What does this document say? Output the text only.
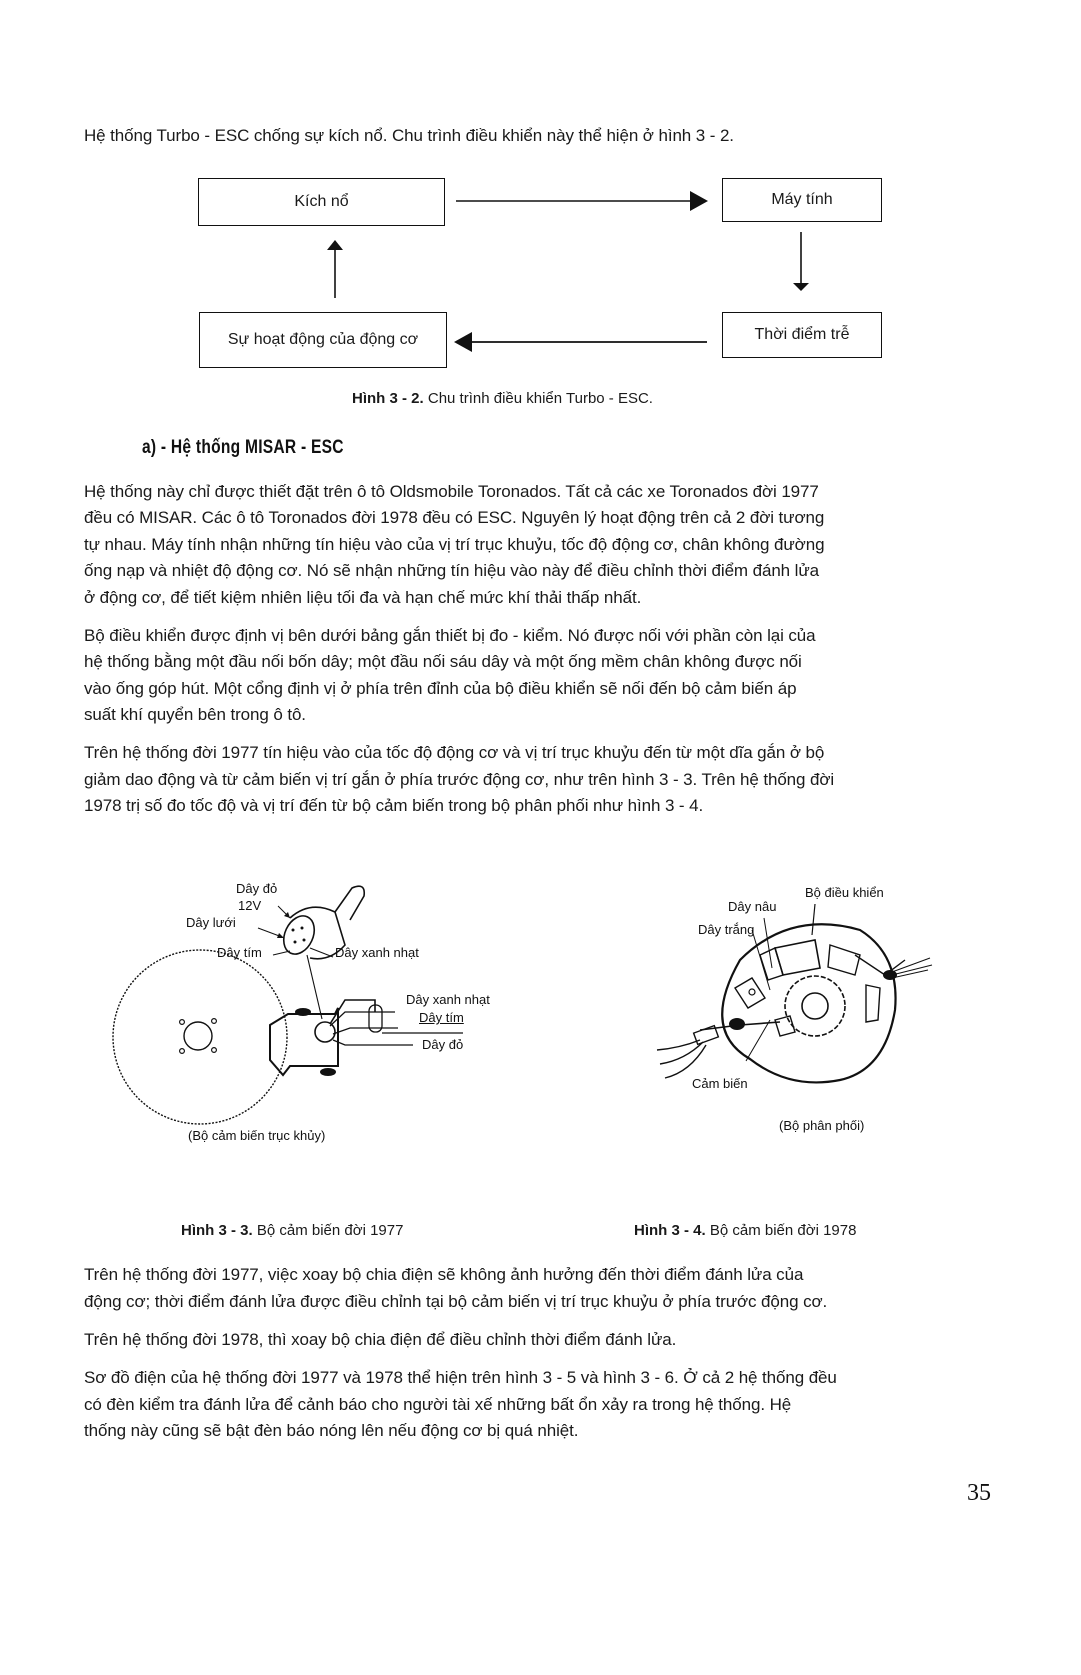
Hệ thống Turbo - ESC chống sự kích nổ. Chu trình điều khiển này thể hiện ở hình 3 - 2.
Kích nổ	Máy tính
Thời điểm trễ
Sự hoạt động của động cơ
Hình 3 - 2. Chu trình điều khiển Turbo - ESC.
a) - Hệ thống MISAR - ESC
Hệ thống này chỉ được thiết đặt trên ô tô Oldsmobile Toronados. Tất cả các xe Toronados đời 1977
đều có MISAR. Các ô tô Toronados đời 1978 đều có ESC. Nguyên lý hoạt động trên cả 2 đời tương
tự nhau. Máy tính nhận những tín hiệu vào của vị trí trục khuỷu, tốc độ động cơ, chân không đường
ống nạp và nhiệt độ động cơ. Nó sẽ nhận những tín hiệu vào này để điều chỉnh thời điểm đánh lửa
ở động cơ, để tiết kiệm nhiên liệu tối đa và hạn chế mức khí thải thấp nhất.
Bộ điều khiển được định vị bên dưới bảng gắn thiết bị đo - kiểm. Nó được nối với phần còn lại của
hệ thống bằng một đầu nối bốn dây; một đầu nối sáu dây và một ống mềm chân không được nối
vào ống góp hút. Một cổng định vị ở phía trên đỉnh của bộ điều khiển sẽ nối đến bộ cảm biến áp
suất khí quyển bên trong ô tô.
Trên hệ thống đời 1977 tín hiệu vào của tốc độ động cơ và vị trí trục khuỷu đến từ một dĩa gắn ở bộ
giảm dao động và từ cảm biến vị trí gắn ở phía trước động cơ, như trên hình 3 - 3. Trên hệ thống đời
1978 trị số đo tốc độ và vị trí đến từ bộ cảm biến trong bộ phân phối như hình 3 - 4.
Dây đỏ
12V
Dây lưới
Dây tím	Dây xanh nhạt
Dây xanh nhạt
Dây tím
Dây đỏ
(Bộ cảm biến trục khủy)
Hình 3 - 3. Bộ cảm biến đời 1977
Bộ điều khiển
Dây nâu
Dây trắng
Cảm biến
(Bộ phân phối)
Hình 3 - 4. Bộ cảm biến đời 1978
Trên hệ thống đời 1977, việc xoay bộ chia điện sẽ không ảnh hưởng đến thời điểm đánh lửa của
động cơ; thời điểm đánh lửa được điều chỉnh tại bộ cảm biến vị trí trục khuỷu ở phía trước động cơ.
Trên hệ thống đời 1978, thì xoay bộ chia điện để điều chỉnh thời điểm đánh lửa.
Sơ đồ điện của hệ thống đời 1977 và 1978 thể hiện trên hình 3 - 5 và hình 3 - 6. Ở cả 2 hệ thống đều
có đèn kiểm tra đánh lửa để cảnh báo cho người tài xế những bất ổn xảy ra trong hệ thống. Hệ
thống này cũng sẽ bật đèn báo nóng lên nếu động cơ bị quá nhiệt.
35
